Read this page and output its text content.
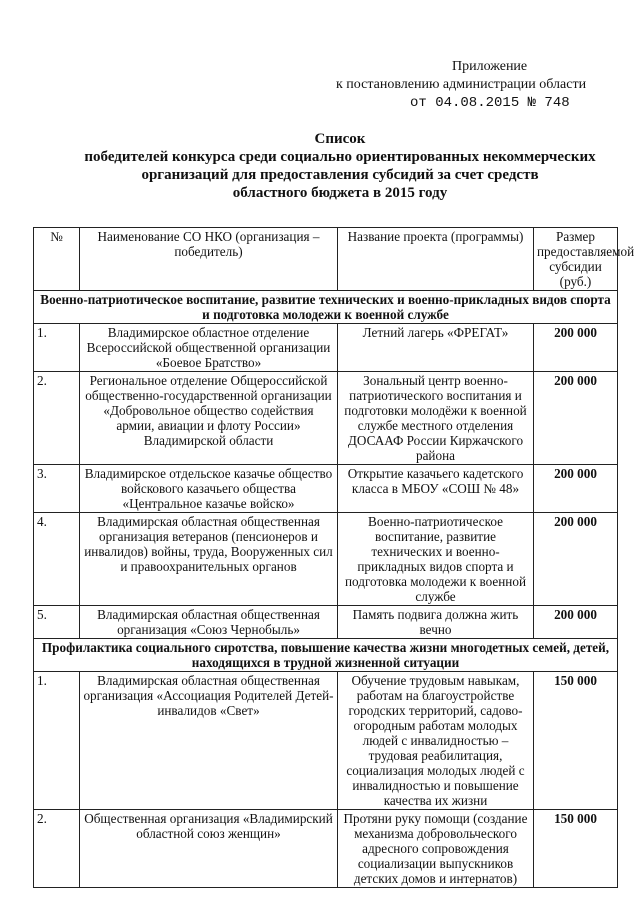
Приложение
к постановлению администрации области
от 04.08.2015 № 748
Список
победителей конкурса среди социально ориентированных некоммерческих
организаций для предоставления субсидий за счет средств
областного бюджета в 2015 году
№	Наименование СО НКО (организация – победитель)	Название проекта (программы)	Размер предоставляемой субсидии (руб.)
Военно-патриотическое воспитание, развитие технических и военно-прикладных видов спорта и подготовка молодежи к военной службе			
1.	Владимирское областное отделение Всероссийской общественной организации «Боевое Братство»	Летний лагерь «ФРЕГАТ»	200 000
2.	Региональное отделение Общероссийской общественно-государственной организации «Добровольное общество содействия армии, авиации и флоту России» Владимирской области	Зональный центр военно-патриотического воспитания и подготовки молодёжи к военной службе местного отделения ДОСААФ России Киржачского района	200 000
3.	Владимирское отдельское казачье общество войскового казачьего общества «Центральное казачье войско»	Открытие казачьего кадетского класса в МБОУ «СОШ № 48»	200 000
4.	Владимирская областная общественная организация ветеранов (пенсионеров и инвалидов) войны, труда, Вооруженных сил и правоохранительных органов	Военно-патриотическое воспитание, развитие технических и военно-прикладных видов спорта и подготовка молодежи к военной службе	200 000
5.	Владимирская областная общественная организация «Союз Чернобыль»	Память подвига должна жить вечно	200 000
Профилактика социального сиротства, повышение качества жизни многодетных семей, детей, находящихся в трудной жизненной ситуации			
1.	Владимирская областная общественная организация «Ассоциация Родителей Детей-инвалидов «Свет»	Обучение трудовым навыкам, работам на благоустройстве городских территорий, садово-огородным работам молодых людей с инвалидностью – трудовая реабилитация, социализация молодых людей с инвалидностью и повышение качества их жизни	150 000
2.	Общественная организация «Владимирский областной союз женщин»	Протяни руку помощи (создание механизма добровольческого адресного сопровождения социализации выпускников детских домов и интернатов)	150 000
